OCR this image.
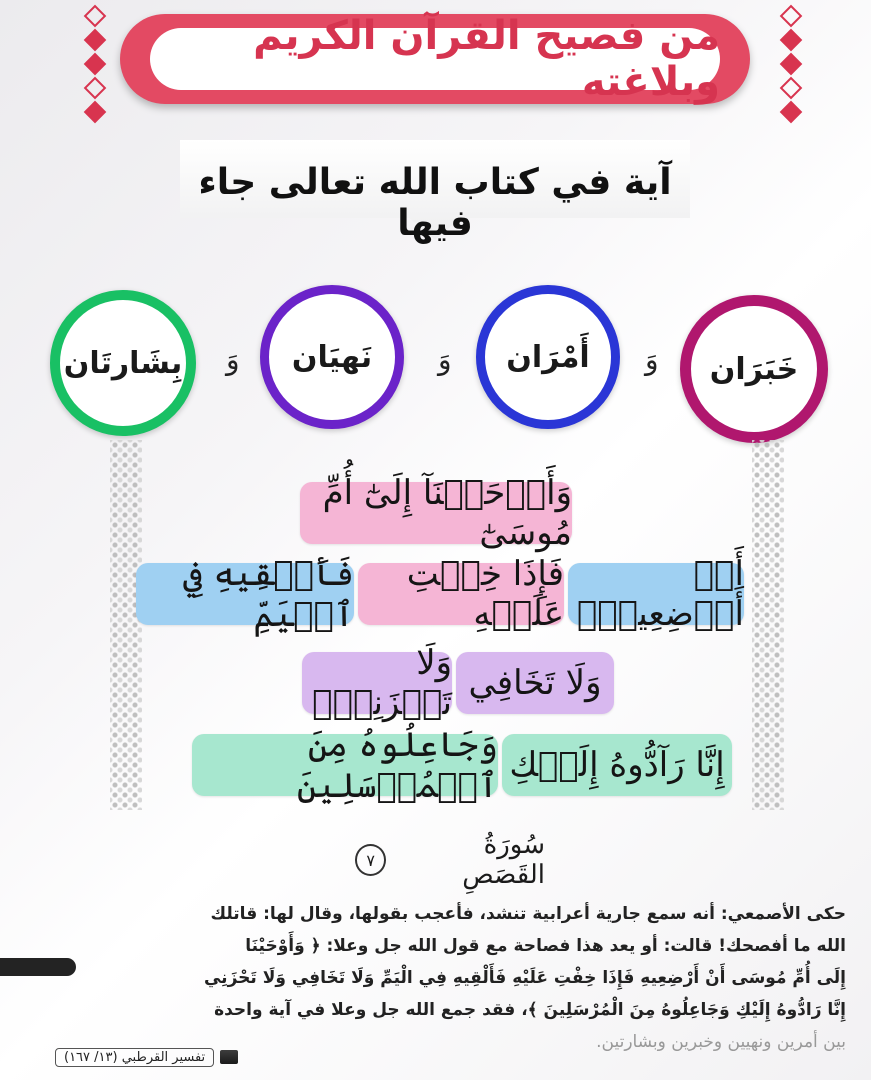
من فصيح القرآن الكريم وبلاغته
آية في كتاب الله تعالى جاء فيها
خَبَرَان
وَ
أَمْرَان
وَ
نَهيَان
وَ
بِشَارتَان
وَأَوۡحَيۡنَآ إِلَىٰٓ أُمِّ مُوسَىٰٓ
أَنۡ أَرۡضِعِيهِۖ
فَإِذَا خِفۡتِ عَلَيۡهِ
فَأَلۡقِيهِ فِي ٱلۡيَمِّ
وَلَا تَخَافِي
وَلَا تَحۡزَنِيٓۖ
إِنَّا رَآدُّوهُ إِلَيۡكِ
وَجَاعِلُوهُ مِنَ ٱلۡمُرۡسَلِينَ
سُورَةُ القَصَصِ
٧
حكى الأصمعي: أنه سمع جارية أعرابية تنشد، فأعجب بقولها، وقال لها: قاتلك
الله ما أفصحك! قالت: أو يعد هذا فصاحة مع قول الله جل وعلا: ﴿ وَأَوْحَيْنَا
إِلَى أُمِّ مُوسَى أَنْ أَرْضِعِيهِ فَإِذَا خِفْتِ عَلَيْهِ فَأَلْقِيهِ فِي الْيَمِّ وَلَا تَخَافِي وَلَا تَحْزَنِي
إِنَّا رَادُّوهُ إِلَيْكِ وَجَاعِلُوهُ مِنَ الْمُرْسَلِينَ ﴾، فقد جمع الله جل وعلا في آية واحدة
بين أمرين ونهيين وخبرين وبشارتين.
تفسير القرطبي (١٣/ ١٦٧)
